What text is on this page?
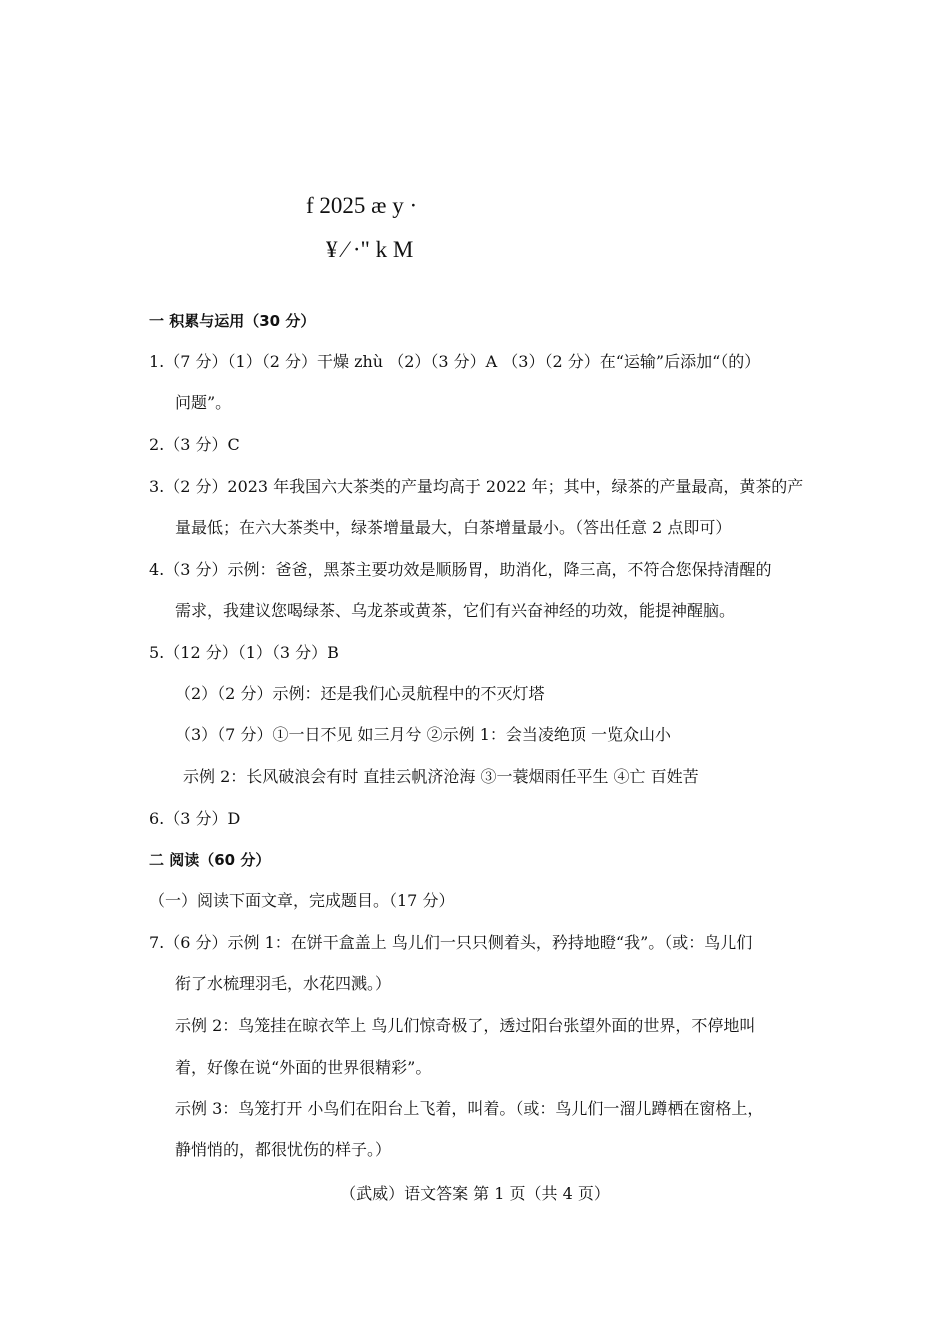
f 2025 æ y ·
¥ ⁄ ·" k M
一 积累与运用（30 分）
1.（7 分）（1）（2 分）干燥 zhù （2）（3 分）A （3）（2 分）在“运输”后添加“（的）
问题”。
2.（3 分）C
3.（2 分）2023 年我国六大茶类的产量均高于 2022 年；其中，绿茶的产量最高，黄茶的产
量最低；在六大茶类中，绿茶增量最大，白茶增量最小。（答出任意 2 点即可）
4.（3 分）示例：爸爸，黑茶主要功效是顺肠胃，助消化，降三高，不符合您保持清醒的
需求，我建议您喝绿茶、乌龙茶或黄茶，它们有兴奋神经的功效，能提神醒脑。
5.（12 分）（1）（3 分）B
（2）（2 分）示例：还是我们心灵航程中的不灭灯塔
（3）（7 分）①一日不见 如三月兮 ②示例 1：会当凌绝顶 一览众山小
示例 2：长风破浪会有时 直挂云帆济沧海 ③一蓑烟雨任平生 ④亡 百姓苦
6.（3 分）D
二 阅读（60 分）
（一）阅读下面文章，完成题目。（17 分）
7.（6 分）示例 1：在饼干盒盖上 鸟儿们一只只侧着头，矜持地瞪“我”。（或：鸟儿们
衔了水梳理羽毛，水花四溅。）
示例 2：鸟笼挂在晾衣竿上 鸟儿们惊奇极了，透过阳台张望外面的世界，不停地叫
着，好像在说“外面的世界很精彩”。
示例 3：鸟笼打开 小鸟们在阳台上飞着，叫着。（或：鸟儿们一溜儿蹲栖在窗格上，
静悄悄的，都很忧伤的样子。）
（武威）语文答案 第 1 页（共 4 页）
